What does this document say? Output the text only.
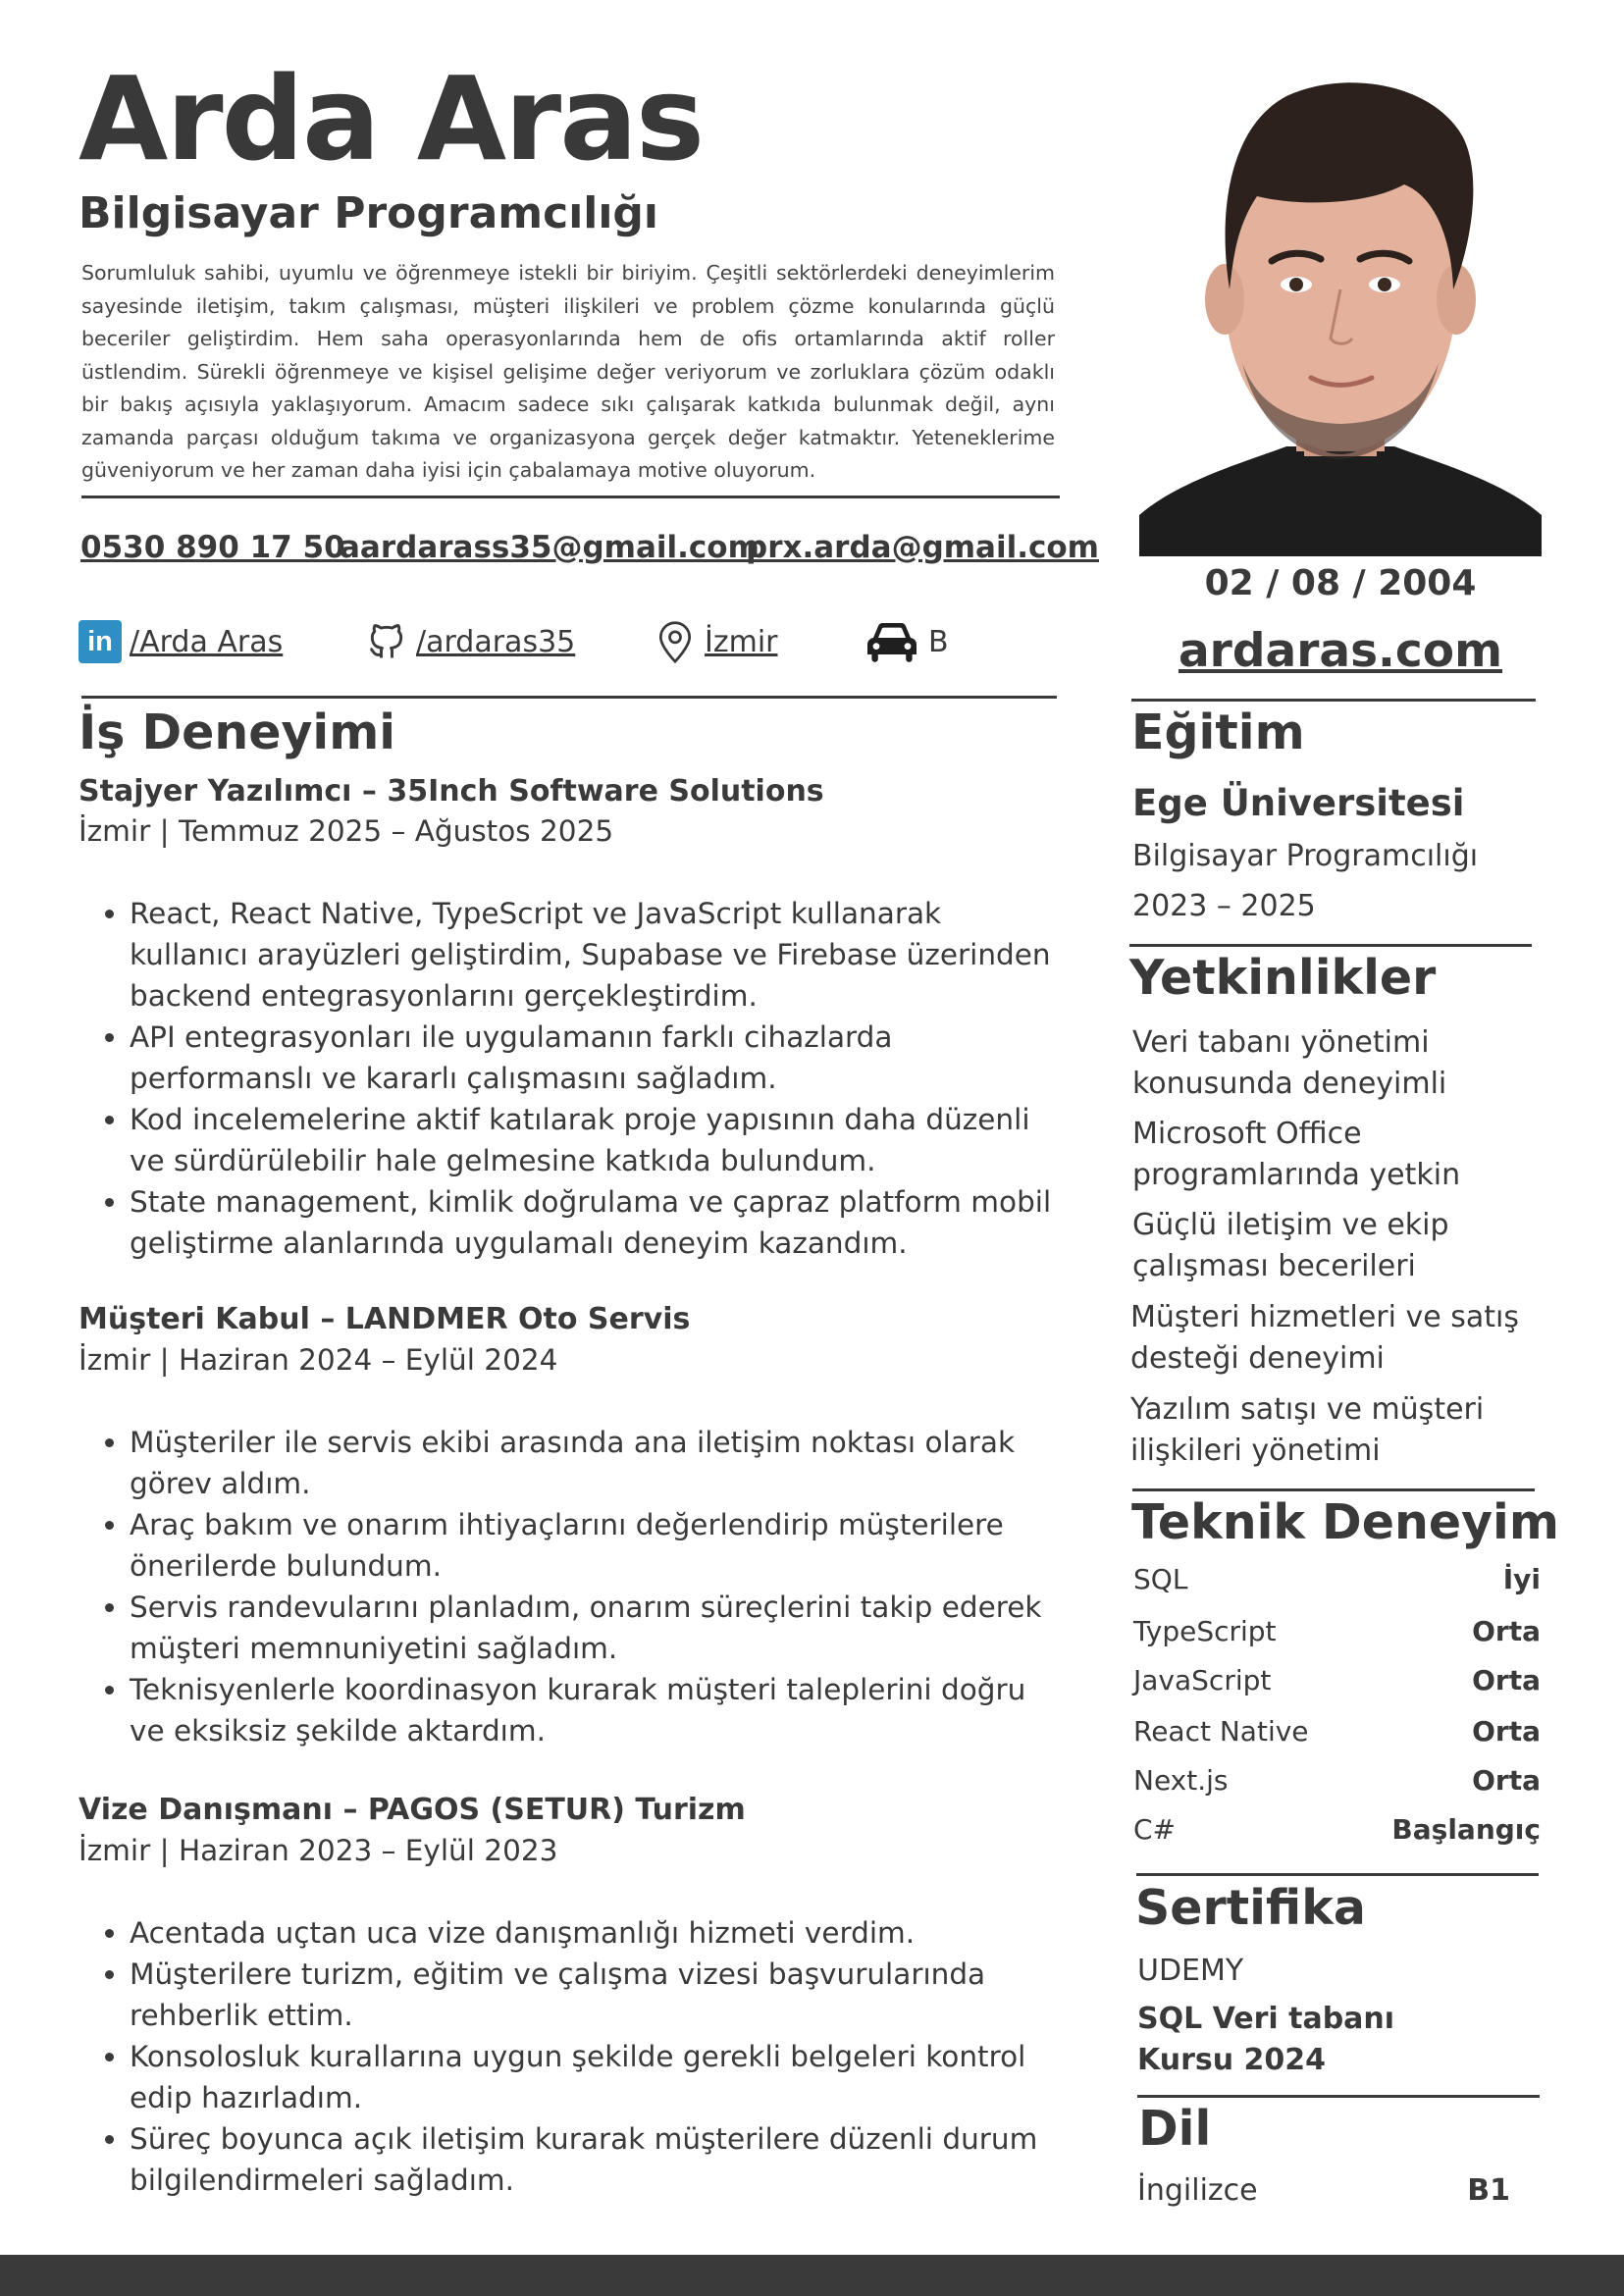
Arda Aras
Bilgisayar Programcılığı
Sorumluluk sahibi, uyumlu ve öğrenmeye istekli bir biriyim. Çeşitli sektörlerdeki deneyimlerim sayesinde iletişim, takım çalışması, müşteri ilişkileri ve problem çözme konularında güçlü beceriler geliştirdim. Hem saha operasyonlarında hem de ofis ortamlarında aktif roller üstlendim. Sürekli öğrenmeye ve kişisel gelişime değer veriyorum ve zorluklara çözüm odaklı bir bakış açısıyla yaklaşıyorum. Amacım sadece sıkı çalışarak katkıda bulunmak değil, aynı zamanda parçası olduğum takıma ve organizasyona gerçek değer katmaktır. Yeteneklerime güveniyorum ve her zaman daha iyisi için çabalamaya motive oluyorum.
0530 890 17 50
aardarass35@gmail.com
prx.arda@gmail.com
in /Arda Aras	/ardaras35	İzmir	B
İş Deneyimi
Stajyer Yazılımcı – 35Inch Software Solutions
İzmir | Temmuz 2025 – Ağustos 2025
• React, React Native, TypeScript ve JavaScript kullanarak kullanıcı arayüzleri geliştirdim, Supabase ve Firebase üzerinden backend entegrasyonlarını gerçekleştirdim.
• API entegrasyonları ile uygulamanın farklı cihazlarda performanslı ve kararlı çalışmasını sağladım.
• Kod incelemelerine aktif katılarak proje yapısının daha düzenli ve sürdürülebilir hale gelmesine katkıda bulundum.
• State management, kimlik doğrulama ve çapraz platform mobil geliştirme alanlarında uygulamalı deneyim kazandım.
Müşteri Kabul – LANDMER Oto Servis
İzmir | Haziran 2024 – Eylül 2024
• Müşteriler ile servis ekibi arasında ana iletişim noktası olarak görev aldım.
• Araç bakım ve onarım ihtiyaçlarını değerlendirip müşterilere önerilerde bulundum.
• Servis randevularını planladım, onarım süreçlerini takip ederek müşteri memnuniyetini sağladım.
• Teknisyenlerle koordinasyon kurarak müşteri taleplerini doğru ve eksiksiz şekilde aktardım.
Vize Danışmanı – PAGOS (SETUR) Turizm
İzmir | Haziran 2023 – Eylül 2023
• Acentada uçtan uca vize danışmanlığı hizmeti verdim.
• Müşterilere turizm, eğitim ve çalışma vizesi başvurularında rehberlik ettim.
• Konsolosluk kurallarına uygun şekilde gerekli belgeleri kontrol edip hazırladım.
• Süreç boyunca açık iletişim kurarak müşterilere düzenli durum bilgilendirmeleri sağladım.
02 / 08 / 2004
ardaras.com
Eğitim
Ege Üniversitesi
Bilgisayar Programcılığı
2023 – 2025
Yetkinlikler
Veri tabanı yönetimi konusunda deneyimli
Microsoft Office programlarında yetkin
Güçlü iletişim ve ekip çalışması becerileri
Müşteri hizmetleri ve satış desteği deneyimi
Yazılım satışı ve müşteri ilişkileri yönetimi
Teknik Deneyim
SQL	İyi
TypeScript	Orta
JavaScript	Orta
React Native	Orta
Next.js	Orta
C#	Başlangıç
Sertifika
UDEMY
SQL Veri tabanı Kursu 2024
Dil
İngilizce	B1
